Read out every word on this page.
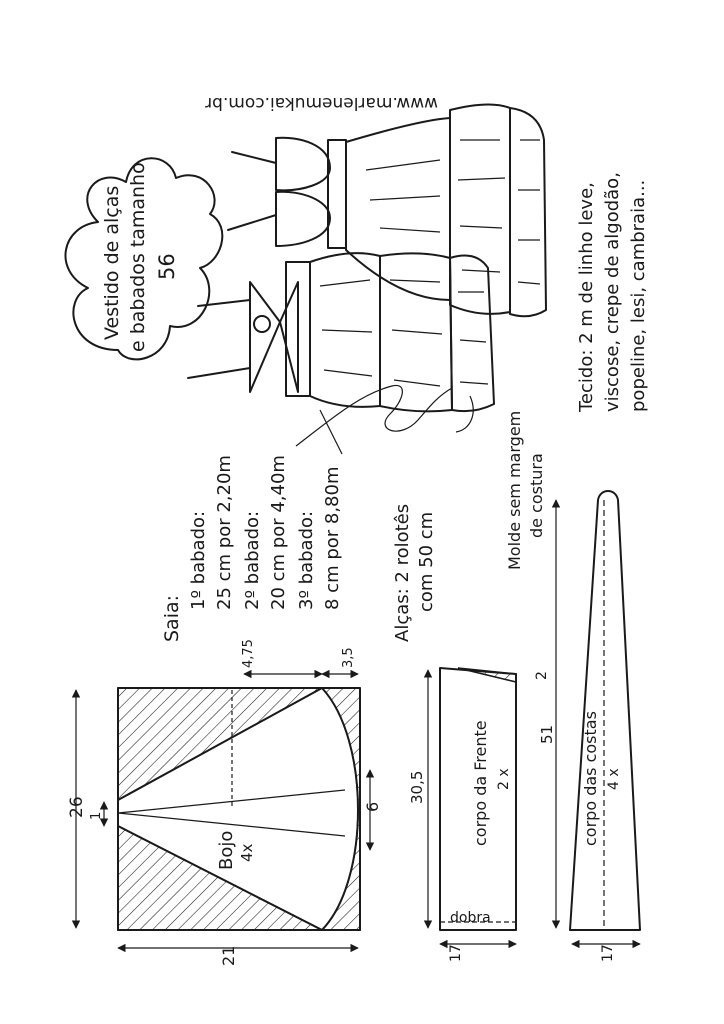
Vestido de alças e babados tamanho 56
www.marlenemukai.com.br
Saia:
1º babado: 25 cm por 2,20m 2º babado: 20 cm por 4,40m 3º babado: 8 cm por 8,80m	Alças: 2 rolotês com 50 cm	Molde sem margem de costura
Tecido: 2 m de linho leve, viscose, crepe de algodão, popeline, lesi, cambraia...
Bojo 4x
26
21
1
6
4,75	3,5
dobra
corpo da Frente 2 x
30,5
17
2
corpo das costas 4 x
51
17
